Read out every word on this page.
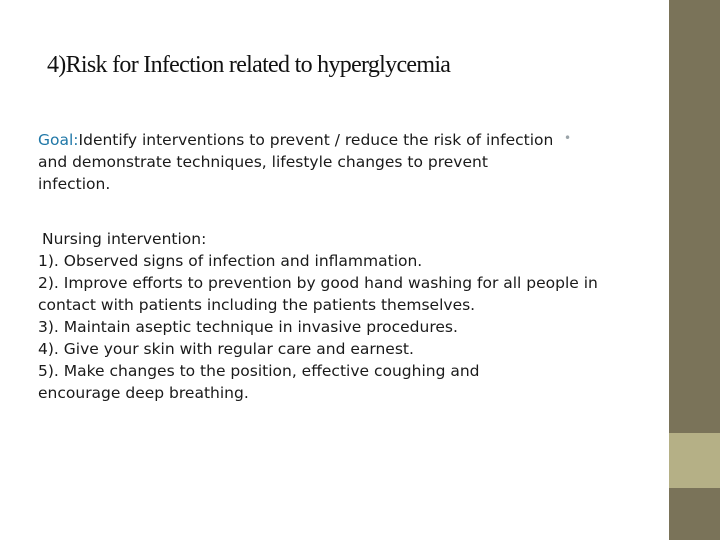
4)Risk for Infection related to hyperglycemia
•
Goal:Identify interventions to prevent / reduce the risk of infection and demonstrate techniques, lifestyle changes to prevent infection.
Nursing intervention:
1). Observed signs of infection and inflammation.
2). Improve efforts to prevention by good hand washing for all people in contact with patients including the patients themselves.
3). Maintain aseptic technique in invasive procedures.
4). Give your skin with regular care and earnest.
5). Make changes to the position, effective coughing and encourage deep breathing.
